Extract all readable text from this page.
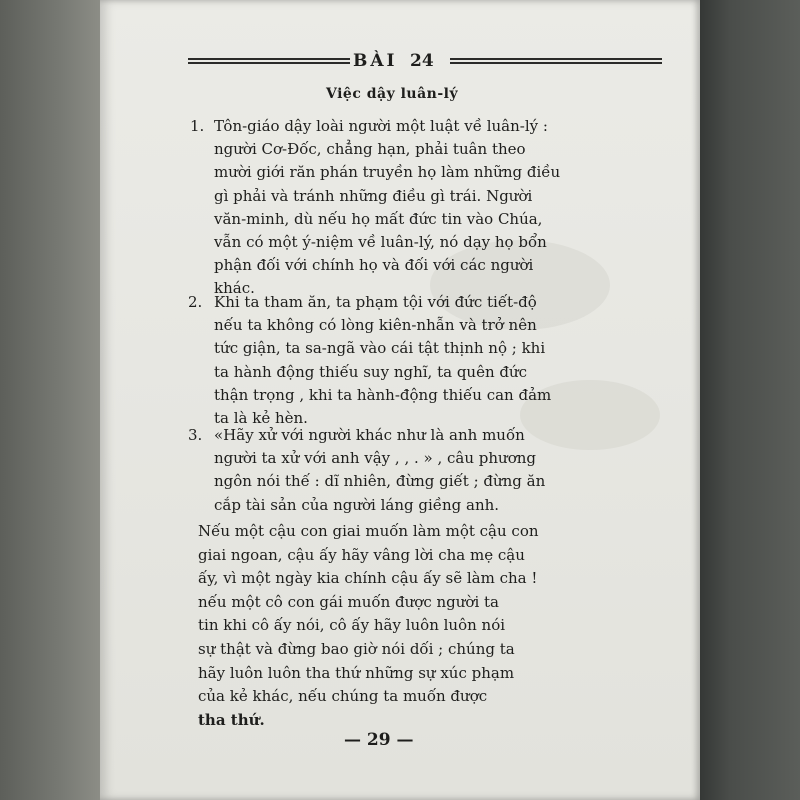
BÀI 24
Việc dậy luân-lý
1. Tôn-giáo dậy loài người một luật về luân-lý :
người Cơ-Đốc, chẳng hạn, phải tuân theo
mười giới răn phán truyền họ làm những điều
gì phải và tránh những điều gì trái. Người
văn-minh, dù nếu họ mất đức tin vào Chúa,
vẫn có một ý-niệm về luân-lý, nó dạy họ bổn
phận đối với chính họ và đối với các người
khác.
2. Khi ta tham ăn, ta phạm tội với đức tiết-độ
nếu ta không có lòng kiên-nhẫn và trở nên
tức giận, ta sa-ngã vào cái tật thịnh nộ ; khi
ta hành động thiếu suy nghĩ, ta quên đức
thận trọng , khi ta hành-động thiếu can đảm
ta là kẻ hèn.
3. «Hãy xử với người khác như là anh muốn
người ta xử với anh vậy , , . » , câu phương
ngôn nói thế : dĩ nhiên, đừng giết ; đừng ăn
cắp tài sản của người láng giềng anh.
Nếu một cậu con giai muốn làm một cậu con
giai ngoan, cậu ấy hãy vâng lời cha mẹ cậu
ấy, vì một ngày kia chính cậu ấy sẽ làm cha !
nếu một cô con gái muốn được người ta
tin khi cô ấy nói, cô ấy hãy luôn luôn nói
sự thật và đừng bao giờ nói dối ; chúng ta
hãy luôn luôn tha thứ những sự xúc phạm
của kẻ khác, nếu chúng ta muốn được
tha thứ.
— 29 —
